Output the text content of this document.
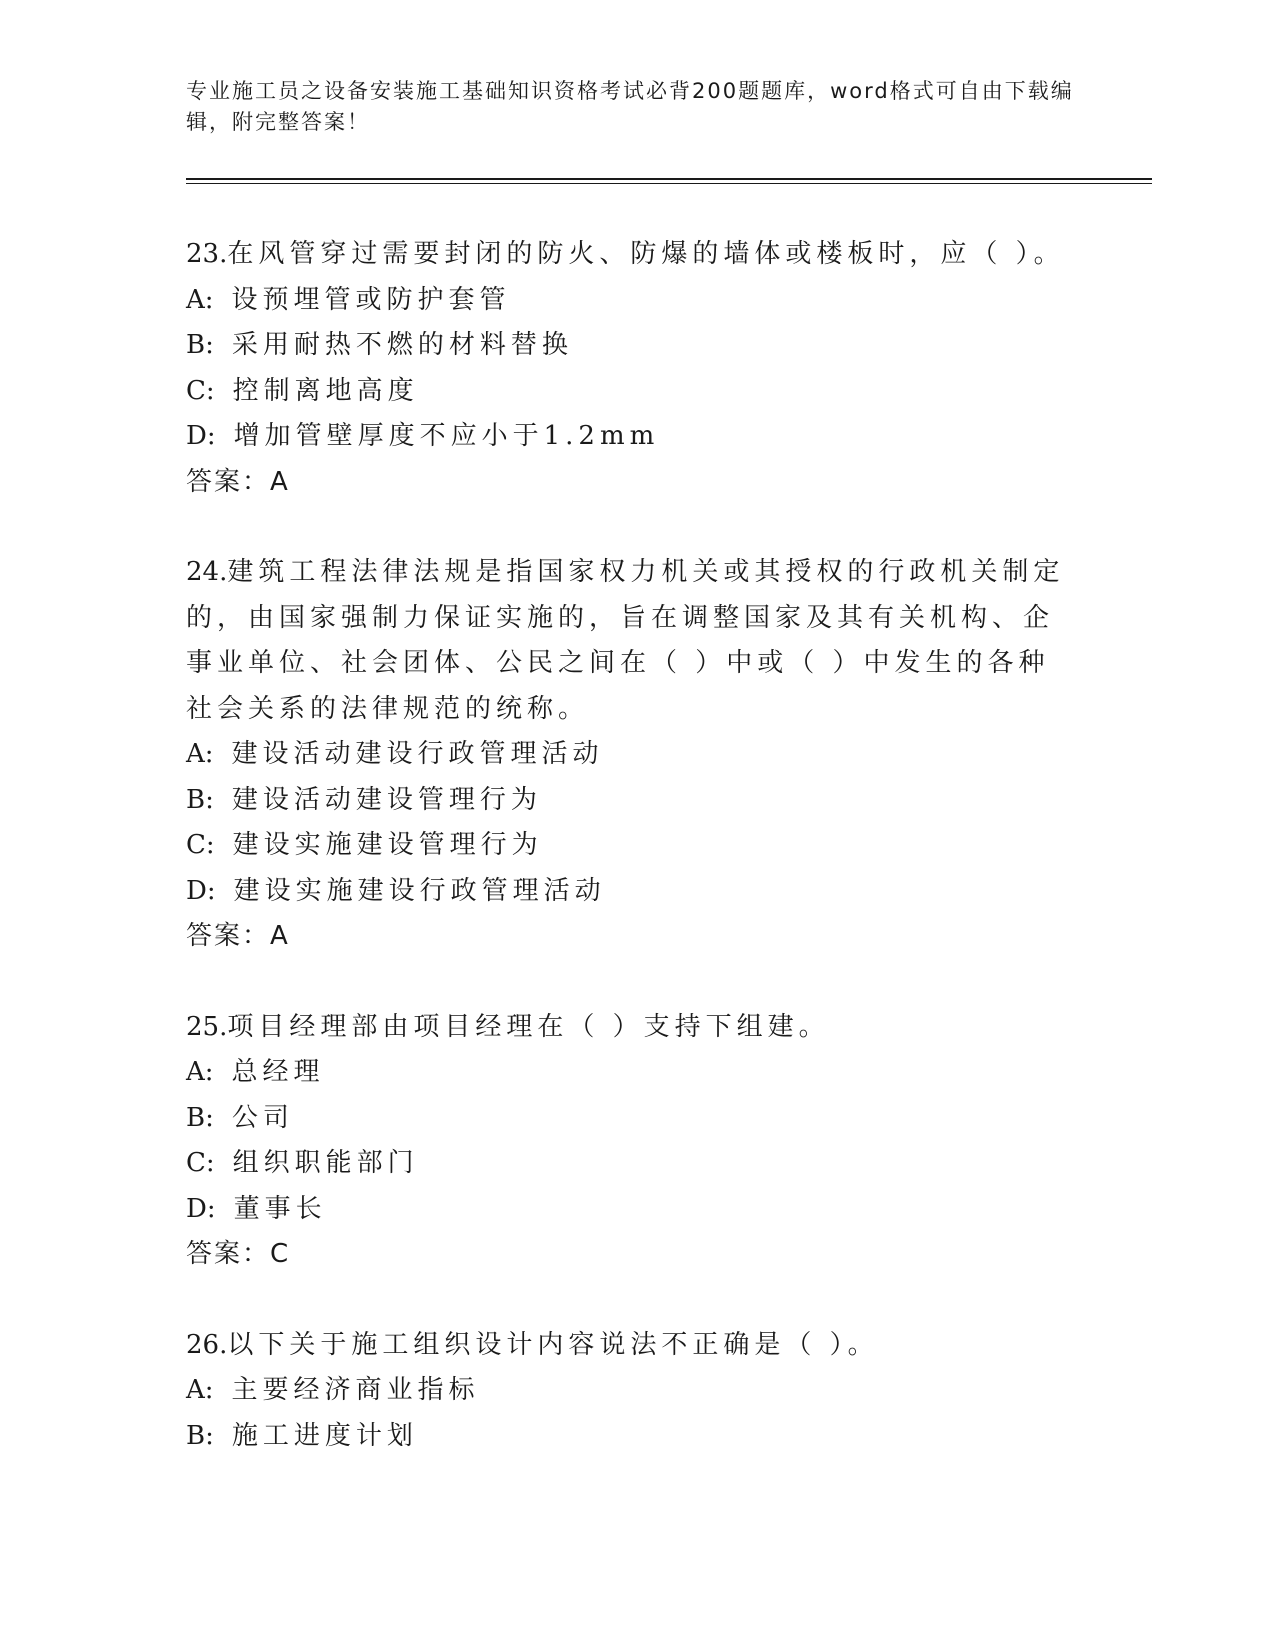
专业施工员之设备安装施工基础知识资格考试必背200题题库，word格式可自由下载编辑，附完整答案！

23.在风管穿过需要封闭的防火、防爆的墙体或楼板时，应（ ）。

A: 设预埋管或防护套管
B: 采用耐热不燃的材料替换
C: 控制离地高度
D: 增加管壁厚度不应小于1.2mm
答案：A

24.建筑工程法律法规是指国家权力机关或其授权的行政机关制定的，由国家强制力保证实施的，旨在调整国家及其有关机构、企事业单位、社会团体、公民之间在（ ）中或（ ）中发生的各种社会关系的法律规范的统称。

A: 建设活动建设行政管理活动
B: 建设活动建设管理行为
C: 建设实施建设管理行为
D: 建设实施建设行政管理活动
答案：A

25.项目经理部由项目经理在（ ）支持下组建。

A: 总经理
B: 公司
C: 组织职能部门
D: 董事长
答案：C

26.以下关于施工组织设计内容说法不正确是（ ）。

A: 主要经济商业指标
B: 施工进度计划
